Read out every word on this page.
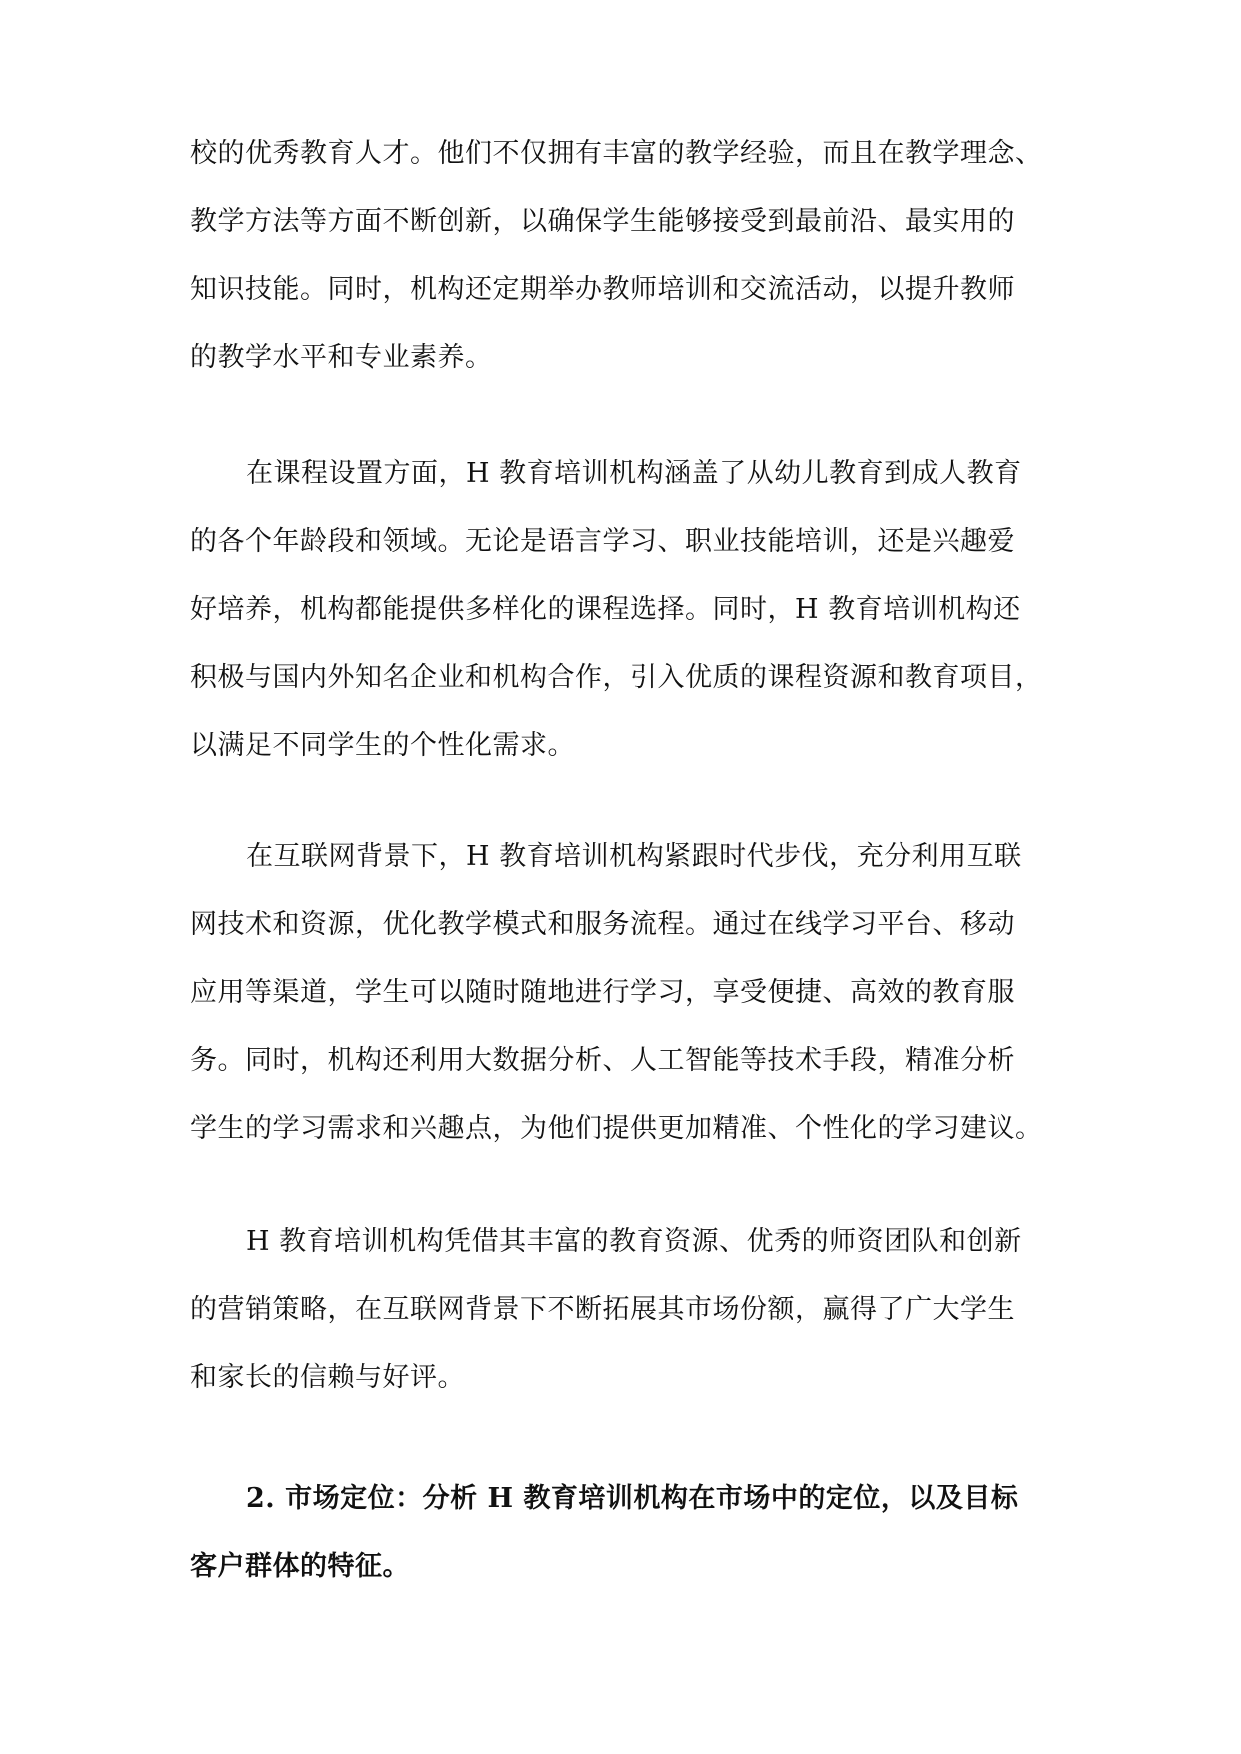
校的优秀教育人才。他们不仅拥有丰富的教学经验，而且在教学理念、
教学方法等方面不断创新，以确保学生能够接受到最前沿、最实用的
知识技能。同时，机构还定期举办教师培训和交流活动，以提升教师
的教学水平和专业素养。
在课程设置方面，H 教育培训机构涵盖了从幼儿教育到成人教育
的各个年龄段和领域。无论是语言学习、职业技能培训，还是兴趣爱
好培养，机构都能提供多样化的课程选择。同时，H 教育培训机构还
积极与国内外知名企业和机构合作，引入优质的课程资源和教育项目，
以满足不同学生的个性化需求。
在互联网背景下，H 教育培训机构紧跟时代步伐，充分利用互联
网技术和资源，优化教学模式和服务流程。通过在线学习平台、移动
应用等渠道，学生可以随时随地进行学习，享受便捷、高效的教育服
务。同时，机构还利用大数据分析、人工智能等技术手段，精准分析
学生的学习需求和兴趣点，为他们提供更加精准、个性化的学习建议。
H 教育培训机构凭借其丰富的教育资源、优秀的师资团队和创新
的营销策略，在互联网背景下不断拓展其市场份额，赢得了广大学生
和家长的信赖与好评。
2. 市场定位：分析 H 教育培训机构在市场中的定位，以及目标
客户群体的特征。
